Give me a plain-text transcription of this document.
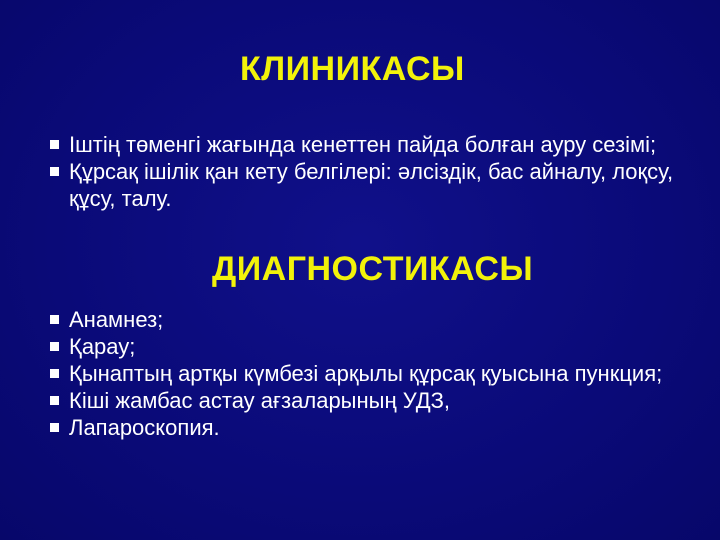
КЛИНИКАСЫ
Іштің төменгі жағында кенеттен пайда болған ауру сезімі;
Құрсақ ішілік қан кету белгілері: әлсіздік, бас айналу, лоқсу, құсу, талу.
ДИАГНОСТИКАСЫ
Анамнез;
Қарау;
Қынаптың артқы күмбезі арқылы құрсақ қуысына пункция;
Кіші жамбас астау ағзаларының УДЗ,
Лапароскопия.
